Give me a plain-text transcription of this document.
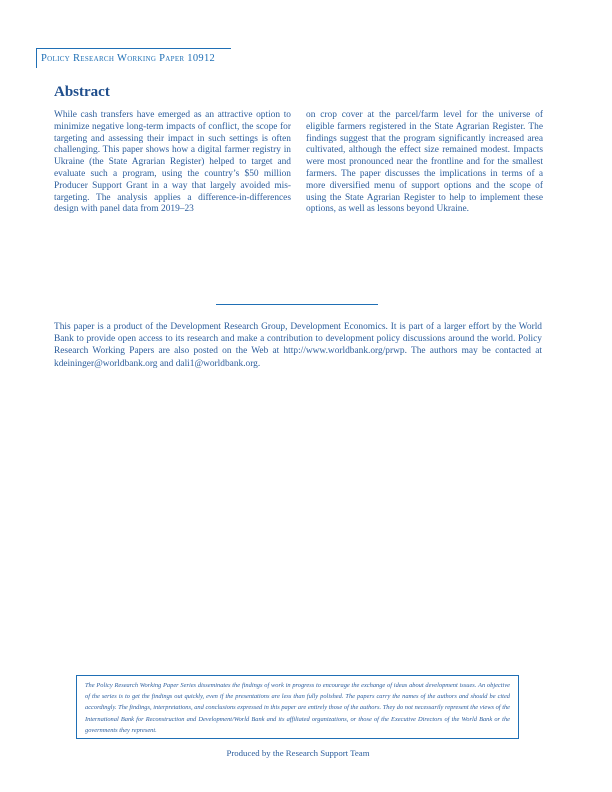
Policy Research Working Paper 10912
Abstract
While cash transfers have emerged as an attractive option to minimize negative long-term impacts of conflict, the scope for targeting and assessing their impact in such settings is often challenging. This paper shows how a digital farmer registry in Ukraine (the State Agrarian Register) helped to target and evaluate such a program, using the country’s $50 million Producer Support Grant in a way that largely avoided mis-targeting. The analysis applies a difference-in-differences design with panel data from 2019–23
on crop cover at the parcel/farm level for the universe of eligible farmers registered in the State Agrarian Register. The findings suggest that the program significantly increased area cultivated, although the effect size remained modest. Impacts were most pronounced near the frontline and for the smallest farmers. The paper discusses the implications in terms of a more diversified menu of support options and the scope of using the State Agrarian Register to help to implement these options, as well as lessons beyond Ukraine.
This paper is a product of the Development Research Group, Development Economics. It is part of a larger effort by the World Bank to provide open access to its research and make a contribution to development policy discussions around the world. Policy Research Working Papers are also posted on the Web at http://www.worldbank.org/prwp. The authors may be contacted at kdeininger@worldbank.org and dali1@worldbank.org.
The Policy Research Working Paper Series disseminates the findings of work in progress to encourage the exchange of ideas about development issues. An objective of the series is to get the findings out quickly, even if the presentations are less than fully polished. The papers carry the names of the authors and should be cited accordingly. The findings, interpretations, and conclusions expressed in this paper are entirely those of the authors. They do not necessarily represent the views of the International Bank for Reconstruction and Development/World Bank and its affiliated organizations, or those of the Executive Directors of the World Bank or the governments they represent.
Produced by the Research Support Team
